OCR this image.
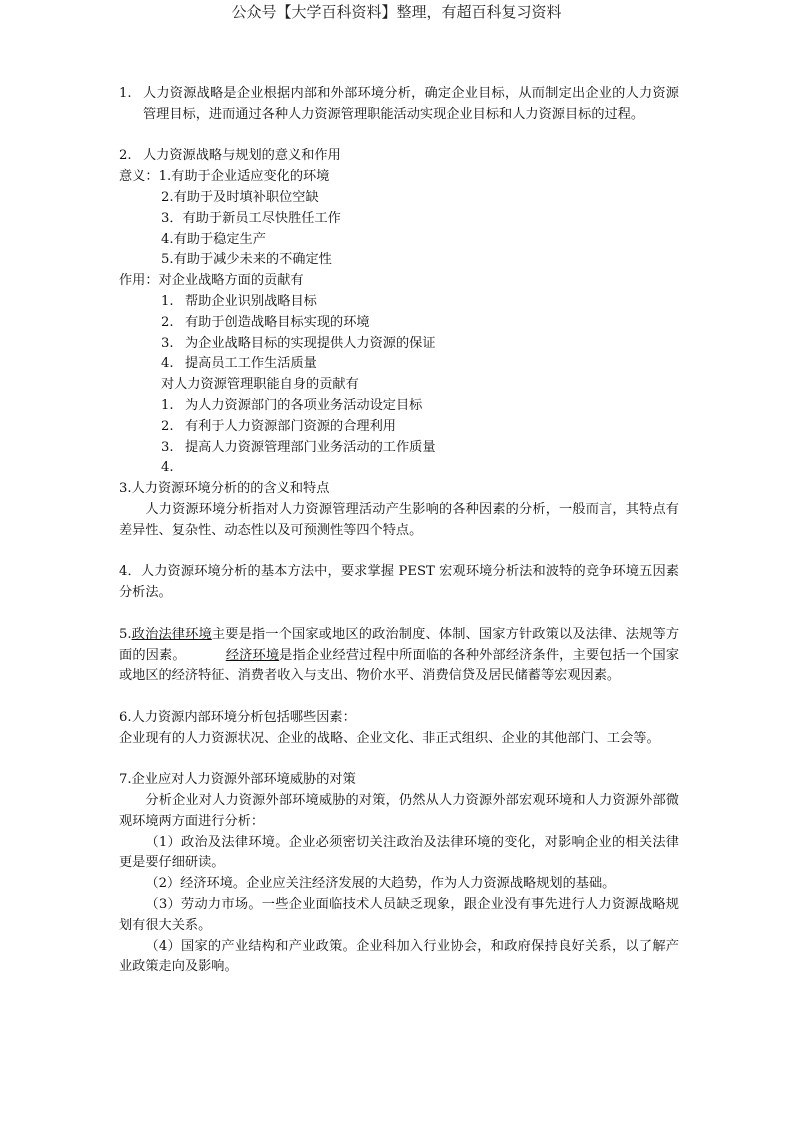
公众号【大学百科资料】整理，有超百科复习资料
1. 人力资源战略是企业根据内部和外部环境分析，确定企业目标，从而制定出企业的人力资源管理目标，进而通过各种人力资源管理职能活动实现企业目标和人力资源目标的过程。
2. 人力资源战略与规划的意义和作用
意义：1.有助于企业适应变化的环境
2.有助于及时填补职位空缺
3．有助于新员工尽快胜任工作
4.有助于稳定生产
5.有助于减少未来的不确定性
作用：对企业战略方面的贡献有
1. 帮助企业识别战略目标
2. 有助于创造战略目标实现的环境
3. 为企业战略目标的实现提供人力资源的保证
4. 提高员工工作生活质量
对人力资源管理职能自身的贡献有
1. 为人力资源部门的各项业务活动设定目标
2. 有利于人力资源部门资源的合理利用
3. 提高人力资源管理部门业务活动的工作质量
4.
3.人力资源环境分析的的含义和特点
人力资源环境分析指对人力资源管理活动产生影响的各种因素的分析，一般而言，其特点有差异性、复杂性、动态性以及可预测性等四个特点。
4．人力资源环境分析的基本方法中，要求掌握 PEST 宏观环境分析法和波特的竞争环境五因素分析法。
5.政治法律环境主要是指一个国家或地区的政治制度、体制、国家方针政策以及法律、法规等方面的因素。	经济环境是指企业经营过程中所面临的各种外部经济条件，主要包括一个国家或地区的经济特征、消费者收入与支出、物价水平、消费信贷及居民储蓄等宏观因素。
6.人力资源内部环境分析包括哪些因素：
企业现有的人力资源状况、企业的战略、企业文化、非正式组织、企业的其他部门、工会等。
7.企业应对人力资源外部环境威胁的对策
分析企业对人力资源外部环境威胁的对策，仍然从人力资源外部宏观环境和人力资源外部微观环境两方面进行分析：
（1）政治及法律环境。企业必须密切关注政治及法律环境的变化，对影响企业的相关法律更是要仔细研读。
（2）经济环境。企业应关注经济发展的大趋势，作为人力资源战略规划的基础。
（3）劳动力市场。一些企业面临技术人员缺乏现象，跟企业没有事先进行人力资源战略规划有很大关系。
（4）国家的产业结构和产业政策。企业科加入行业协会，和政府保持良好关系，以了解产业政策走向及影响。
